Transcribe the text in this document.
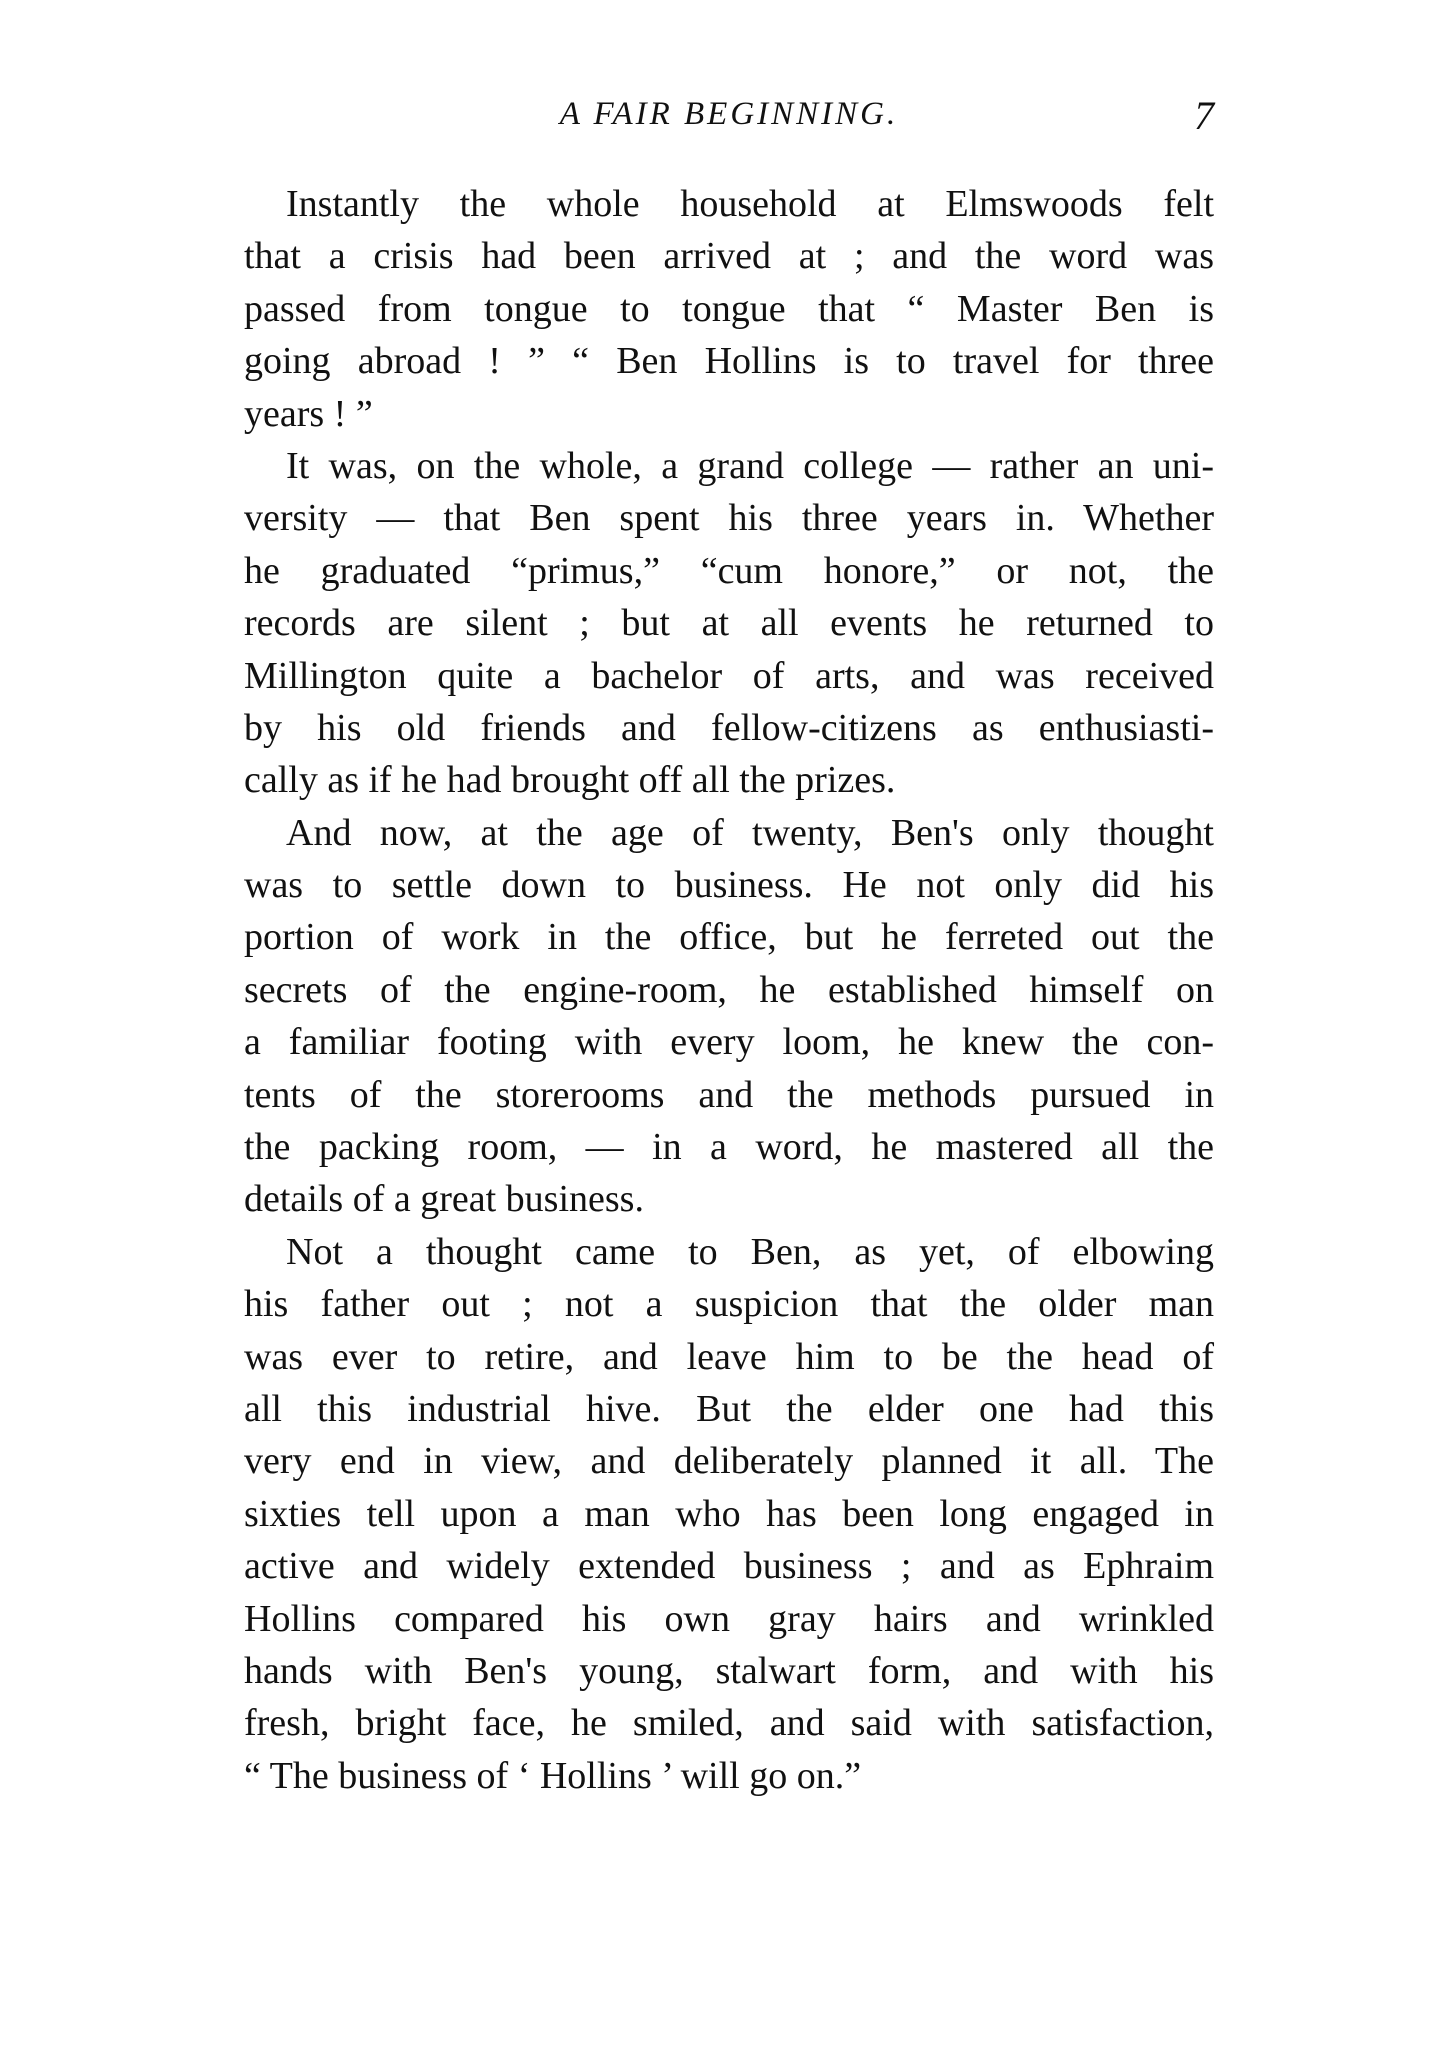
A FAIR BEGINNING.	7
Instantly the whole household at Elmswoods felt
that a crisis had been arrived at ; and the word was
passed from tongue to tongue that “ Master Ben is
going abroad ! ” “ Ben Hollins is to travel for three
years ! ”
It was, on the whole, a grand college — rather an uni-
versity — that Ben spent his three years in. Whether
he graduated “primus,” “cum honore,” or not, the
records are silent ; but at all events he returned to
Millington quite a bachelor of arts, and was received
by his old friends and fellow-citizens as enthusiasti-
cally as if he had brought off all the prizes.
And now, at the age of twenty, Ben's only thought
was to settle down to business. He not only did his
portion of work in the office, but he ferreted out the
secrets of the engine-room, he established himself on
a familiar footing with every loom, he knew the con-
tents of the storerooms and the methods pursued in
the packing room, — in a word, he mastered all the
details of a great business.
Not a thought came to Ben, as yet, of elbowing
his father out ; not a suspicion that the older man
was ever to retire, and leave him to be the head of
all this industrial hive. But the elder one had this
very end in view, and deliberately planned it all. The
sixties tell upon a man who has been long engaged in
active and widely extended business ; and as Ephraim
Hollins compared his own gray hairs and wrinkled
hands with Ben's young, stalwart form, and with his
fresh, bright face, he smiled, and said with satisfaction,
“ The business of ‘ Hollins ’ will go on.”
